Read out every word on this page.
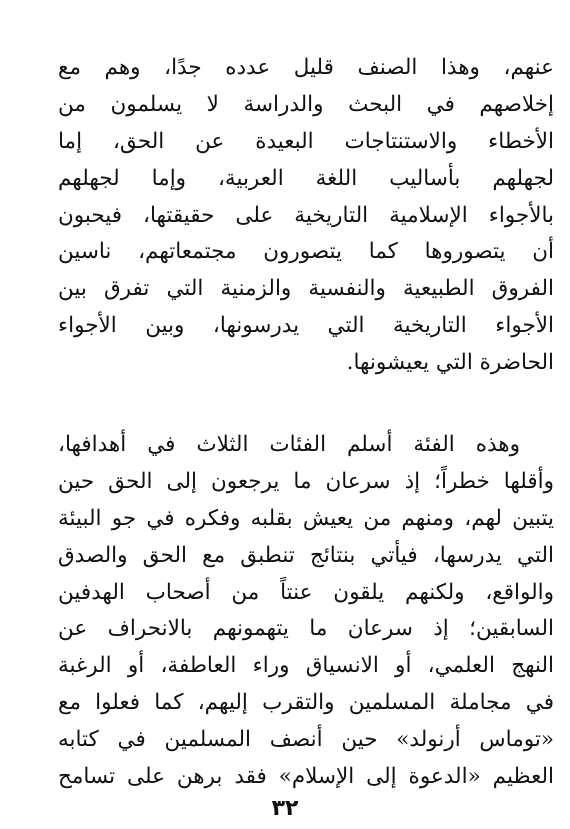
عنهم، وهذا الصنف قليل عدده جدًا، وهم مع
إخلاصهم في البحث والدراسة لا يسلمون من
الأخطاء والاستنتاجات البعيدة عن الحق، إما
لجهلهم بأساليب اللغة العربية، وإما لجهلهم
بالأجواء الإسلامية التاريخية على حقيقتها، فيحبون
أن يتصوروها كما يتصورون مجتمعاتهم، ناسين
الفروق الطبيعية والنفسية والزمنية التي تفرق بين
الأجواء التاريخية التي يدرسونها، وبين الأجواء
الحاضرة التي يعيشونها.
وهذه الفئة أسلم الفئات الثلاث في أهدافها،
وأقلها خطراً؛ إذ سرعان ما يرجعون إلى الحق حين
يتبين لهم، ومنهم من يعيش بقلبه وفكره في جو البيئة
التي يدرسها، فيأتي بنتائج تنطبق مع الحق والصدق
والواقع، ولكنهم يلقون عنتاً من أصحاب الهدفين
السابقين؛ إذ سرعان ما يتهمونهم بالانحراف عن
النهج العلمي، أو الانسياق وراء العاطفة، أو الرغبة
في مجاملة المسلمين والتقرب إليهم، كما فعلوا مع
«توماس أرنولد» حين أنصف المسلمين في كتابه
العظيم «الدعوة إلى الإسلام» فقد برهن على تسامح
٣٢
